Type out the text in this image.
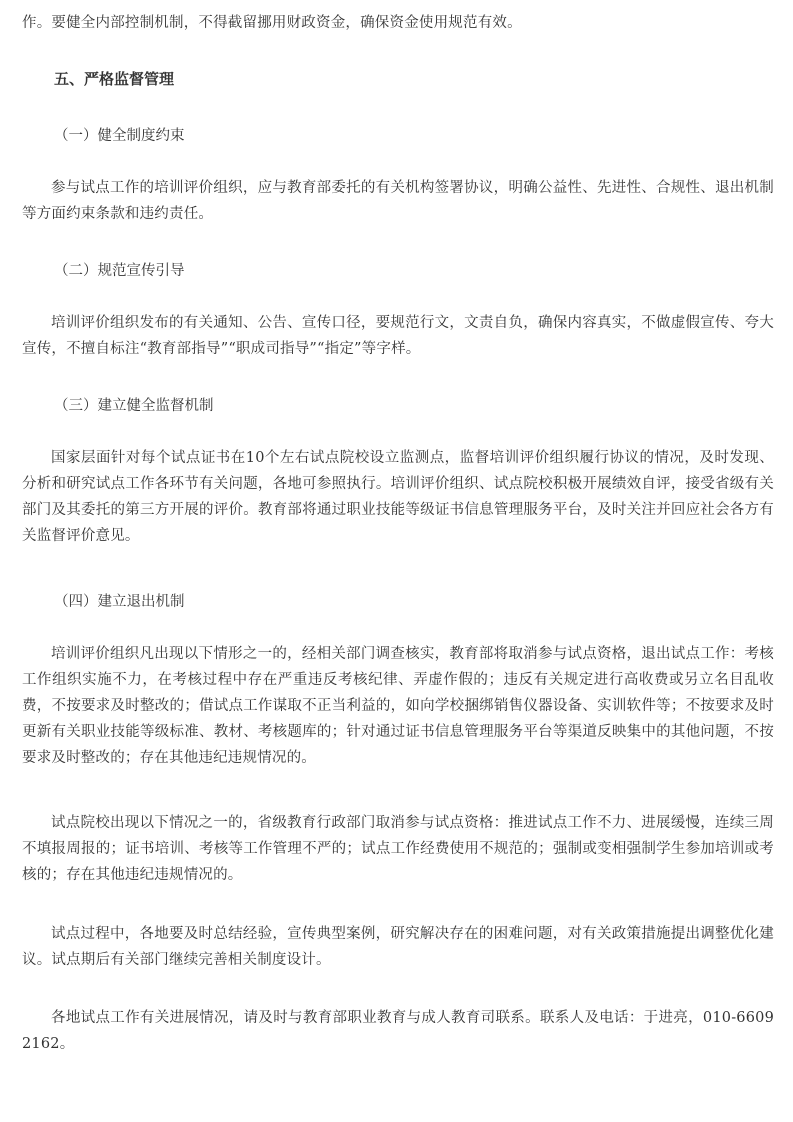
作。要健全内部控制机制，不得截留挪用财政资金，确保资金使用规范有效。

五、严格监督管理

（一）健全制度约束

参与试点工作的培训评价组织，应与教育部委托的有关机构签署协议，明确公益性、先进性、合规性、退出机制等方面约束条款和违约责任。

（二）规范宣传引导

培训评价组织发布的有关通知、公告、宣传口径，要规范行文，文责自负，确保内容真实，不做虚假宣传、夸大宣传，不擅自标注“教育部指导”“职成司指导”“指定”等字样。

（三）建立健全监督机制

国家层面针对每个试点证书在10个左右试点院校设立监测点，监督培训评价组织履行协议的情况，及时发现、分析和研究试点工作各环节有关问题，各地可参照执行。培训评价组织、试点院校积极开展绩效自评，接受省级有关部门及其委托的第三方开展的评价。教育部将通过职业技能等级证书信息管理服务平台，及时关注并回应社会各方有关监督评价意见。

（四）建立退出机制

培训评价组织凡出现以下情形之一的，经相关部门调查核实，教育部将取消参与试点资格，退出试点工作：考核工作组织实施不力，在考核过程中存在严重违反考核纪律、弄虚作假的；违反有关规定进行高收费或另立名目乱收费，不按要求及时整改的；借试点工作谋取不正当利益的，如向学校捆绑销售仪器设备、实训软件等；不按要求及时更新有关职业技能等级标准、教材、考核题库的；针对通过证书信息管理服务平台等渠道反映集中的其他问题，不按要求及时整改的；存在其他违纪违规情况的。

试点院校出现以下情况之一的，省级教育行政部门取消参与试点资格：推进试点工作不力、进展缓慢，连续三周不填报周报的；证书培训、考核等工作管理不严的；试点工作经费使用不规范的；强制或变相强制学生参加培训或考核的；存在其他违纪违规情况的。

试点过程中，各地要及时总结经验，宣传典型案例，研究解决存在的困难问题，对有关政策措施提出调整优化建议。试点期后有关部门继续完善相关制度设计。

各地试点工作有关进展情况，请及时与教育部职业教育与成人教育司联系。联系人及电话：于进亮，010-66092162。
